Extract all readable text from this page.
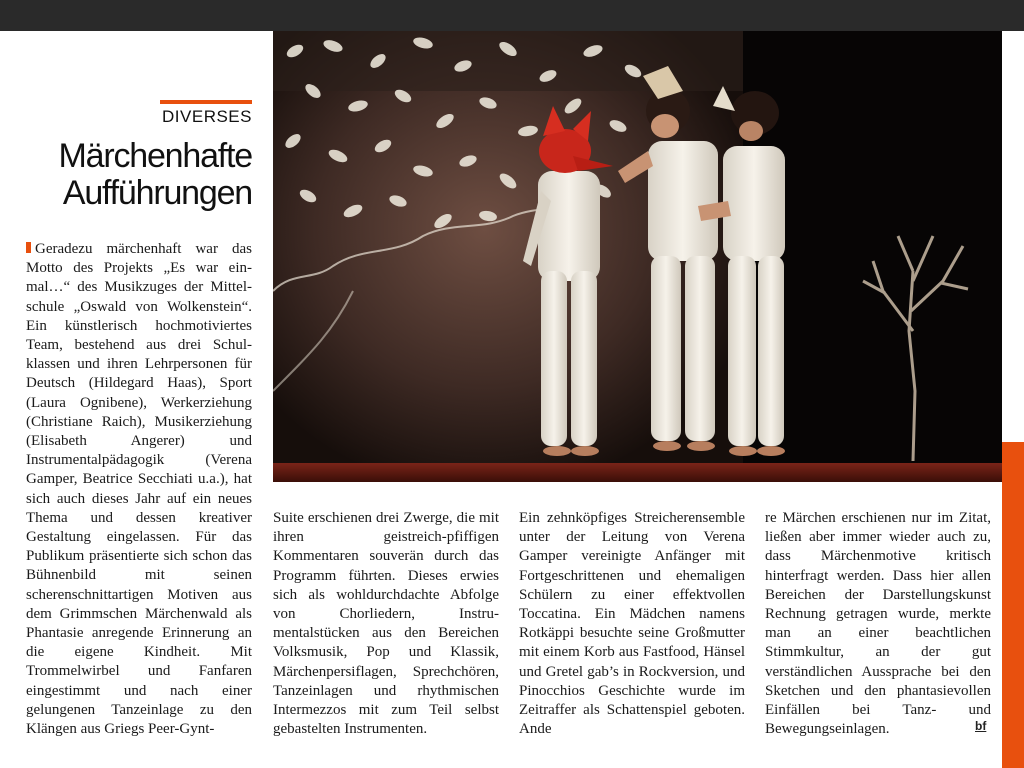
DIVERSES
Märchenhafte
Aufführungen

Geradezu märchenhaft war das Motto des Projekts „Es war einmal…“ des Musikzuges der Mittelschule „Oswald von Wolkenstein“. Ein künstlerisch hochmotiviertes Team, bestehend aus drei Schulklassen und ihren Lehrpersonen für Deutsch (Hildegard Haas), Sport (Laura Ognibene), Werkerziehung (Christiane Raich), Musikerziehung (Elisabeth Angerer) und Instrumentalpädagogik (Verena Gamper, Beatrice Secchiati u.a.), hat sich auch dieses Jahr auf ein neues Thema und dessen kreativer Gestaltung eingelassen. Für das Publikum präsentierte sich schon das Bühnenbild mit seinen scherenschnittartigen Motiven aus dem Grimmschen Märchenwald als Phantasie anregende Erinnerung an die eigene Kindheit. Mit Trommelwirbel und Fanfaren eingestimmt und nach einer gelungenen Tanzeinlage zu den Klängen aus Griegs Peer-Gynt-

Suite erschienen drei Zwerge, die mit ihren geistreich-pfiffigen Kommentaren souverän durch das Programm führten. Dieses erwies sich als wohldurchdachte Abfolge von Chorliedern, Instrumentalstücken aus den Bereichen Volksmusik, Pop und Klassik, Märchenpersiflagen, Sprechchören, Tanzeinlagen und rhythmischen Intermezzos mit zum Teil selbst gebastelten Instrumenten.

Ein zehnköpfiges Streicherensemble unter der Leitung von Verena Gamper vereinigte Anfänger mit Fortgeschrittenen und ehemaligen Schülern zu einer effektvollen Toccatina. Ein Mädchen namens Rotkäppi besuchte seine Großmutter mit einem Korb aus Fastfood, Hänsel und Gretel gab’s in Rockversion, und Pinocchios Geschichte wurde im Zeitraffer als Schattenspiel geboten. Ande

re Märchen erschienen nur im Zitat, ließen aber immer wieder auch zu, dass Märchenmotive kritisch hinterfragt werden. Dass hier allen Bereichen der Darstellungskunst Rechnung getragen wurde, merkte man an einer beachtlichen Stimmkultur, an der gut verständlichen Aussprache bei den Sketchen und den phantasievollen Einfällen bei Tanz- und Bewegungseinlagen.	bf
